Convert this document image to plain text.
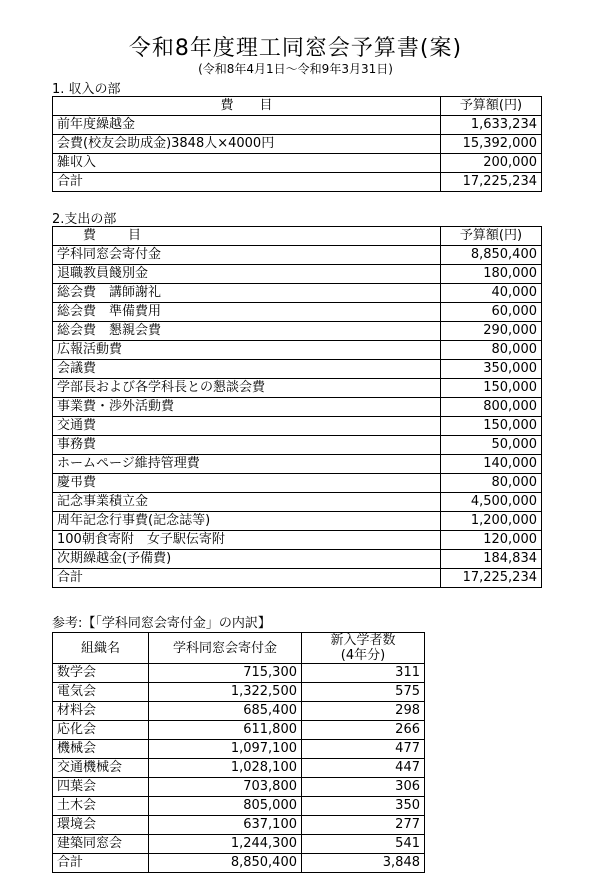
令和8年度理工同窓会予算書(案)
(令和8年4月1日～令和9年3月31日)
1. 収入の部
費　　目	予算額(円)
前年度繰越金	1,633,234
会費(校友会助成金)3848人×4000円	15,392,000
雑収入	200,000
合計	17,225,234
2.支出の部
費　　目	予算額(円)
学科同窓会寄付金	8,850,400
退職教員餞別金	180,000
総会費　講師謝礼	40,000
総会費　準備費用	60,000
総会費　懇親会費	290,000
広報活動費	80,000
会議費	350,000
学部長および各学科長との懇談会費	150,000
事業費・渉外活動費	800,000
交通費	150,000
事務費	50,000
ホームページ維持管理費	140,000
慶弔費	80,000
記念事業積立金	4,500,000
周年記念行事費(記念誌等)	1,200,000
100朝食寄附　女子駅伝寄附	120,000
次期繰越金(予備費)	184,834
合計	17,225,234
参考:【「学科同窓会寄付金」の内訳】
組織名	学科同窓会寄付金	新入学者数
(4年分)

数学会	715,300	311
電気会	1,322,500	575
材料会	685,400	298
応化会	611,800	266
機械会	1,097,100	477
交通機械会	1,028,100	447
四葉会	703,800	306
土木会	805,000	350
環境会	637,100	277
建築同窓会	1,244,300	541
合計	8,850,400	3,848
